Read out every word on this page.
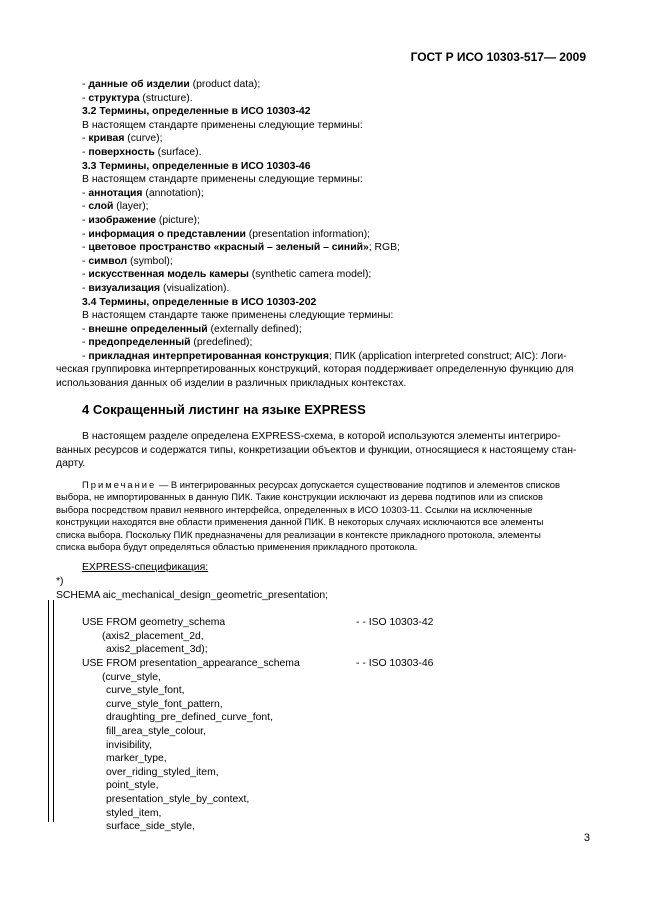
ГОСТ Р ИСО 10303-517— 2009
- данные об изделии (product data);
- структура (structure).
3.2 Термины, определенные в ИСО 10303-42
В настоящем стандарте применены следующие термины:
- кривая (curve);
- поверхность (surface).
3.3 Термины, определенные в ИСО 10303-46
В настоящем стандарте применены следующие термины:
- аннотация (annotation);
- слой (layer);
- изображение (picture);
- информация о представлении (presentation information);
- цветовое пространство «красный – зеленый – синий»; RGB;
- символ (symbol);
- искусственная модель камеры (synthetic camera model);
- визуализация (visualization).
3.4 Термины, определенные в ИСО 10303-202
В настоящем стандарте также применены следующие термины:
- внешне определенный (externally defined);
- предопределенный (predefined);
- прикладная интерпретированная конструкция; ПИК (application interpreted construct; AIC): Логи-
ческая группировка интерпретированных конструкций, которая поддерживает определенную функцию для
использования данных об изделии в различных прикладных контекстах.
4 Сокращенный листинг на языке EXPRESS
В настоящем разделе определена EXPRESS-схема, в которой используются элементы интегриро-
ванных ресурсов и содержатся типы, конкретизации объектов и функции, относящиеся к настоящему стан-
дарту.
Примечание — В интегрированных ресурсах допускается существование подтипов и элементов списков
выбора, не импортированных в данную ПИК. Такие конструкции исключают из дерева подтипов или из списков
выбора посредством правил неявного интерфейса, определенных в ИСО 10303-11. Ссылки на исключенные
конструкции находятся вне области применения данной ПИК. В некоторых случаях исключаются все элементы
списка выбора. Поскольку ПИК предназначены для реализации в контексте прикладного протокола, элементы
списка выбора будут определяться областью применения прикладного протокола.
EXPRESS-спецификация:
*)
SCHEMA aic_mechanical_design_geometric_presentation;
USE FROM geometry_schema	- - ISO 10303-42
(axis2_placement_2d,
axis2_placement_3d);
USE FROM presentation_appearance_schema	- - ISO 10303-46
(curve_style,
curve_style_font,
curve_style_font_pattern,
draughting_pre_defined_curve_font,
fill_area_style_colour,
invisibility,
marker_type,
over_riding_styled_item,
point_style,
presentation_style_by_context,
styled_item,
surface_side_style,
3
